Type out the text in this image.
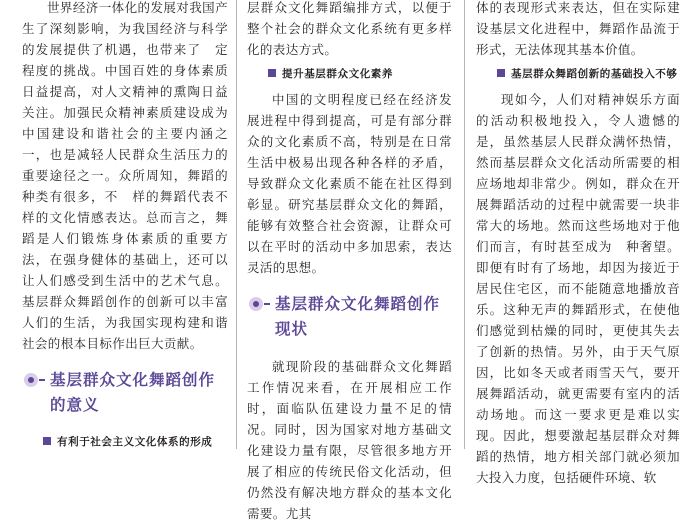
世界经济一体化的发展对我国产生了深刻影响，为我国经济与科学的发展提供了机遇，也带来了　定程度的挑战。中国百姓的身体素质日益提高，对人文精神的熏陶日益关注。加强民众精神素质建设成为中国建设和谐社会的主要内涵之一，也是减轻人民群众生活压力的重要途径之一。众所周知，舞蹈的种类有很多，不　样的舞蹈代表不　样的文化情感表达。总而言之，舞蹈是人们锻炼身体素质的重要方法，在强身健体的基础上，还可以让人们感受到生活中的艺术气息。基层群众舞蹈创作的创新可以丰富人们的生活，为我国实现构建和谐社会的根本目标作出巨大贡献。

基层群众文化舞蹈创作的意义
有利于社会主义文化体系的形成

层群众文化舞蹈编排方式，以便于整个社会的群众文化系统有更多样化的表达方式。

提升基层群众文化素养

中国的文明程度已经在经济发展进程中得到提高，可是有部分群众的文化素质不高，特别是在日常生活中极易出现各种各样的矛盾，导致群众文化素质不能在社区得到彰显。研究基层群众文化的舞蹈，能够有效整合社会资源，让群众可以在平时的活动中多加思索，表达灵活的思想。

基层群众文化舞蹈创作现状

就现阶段的基础群众文化舞蹈工作情况来看，在开展相应工作时，面临队伍建设力量不足的情况。同时，因为国家对地方基础文化建设力量有限，尽管很多地方开展了相应的传统民俗文化活动，但仍然没有解决地方群众的基本文化需要。尤其

体的表现形式来表达，但在实际建设基层文化进程中，舞蹈作品流于形式，无法体现其基本价值。

基层群众舞蹈创新的基础投入不够

现如今，人们对精神娱乐方面的活动积极地投入，令人遗憾的是，虽然基层人民群众满怀热情，然而基层群众文化活动所需要的相应场地却非常少。例如，群众在开展舞蹈活动的过程中就需要一块非常大的场地。然而这些场地对于他们而言，有时甚至成为　种奢望。即便有时有了场地，却因为接近于居民住宅区，而不能随意地播放音乐。这种无声的舞蹈形式，在使他们感觉到枯燥的同时，更使其失去了创新的热情。另外，由于天气原因，比如冬天或者雨雪天气，要开展舞蹈活动，就更需要有室内的活动场地。而这一要求更是难以实现。因此，想要激起基层群众对舞蹈的热情，地方相关部门就必须加大投入力度，包括硬件环境、软
